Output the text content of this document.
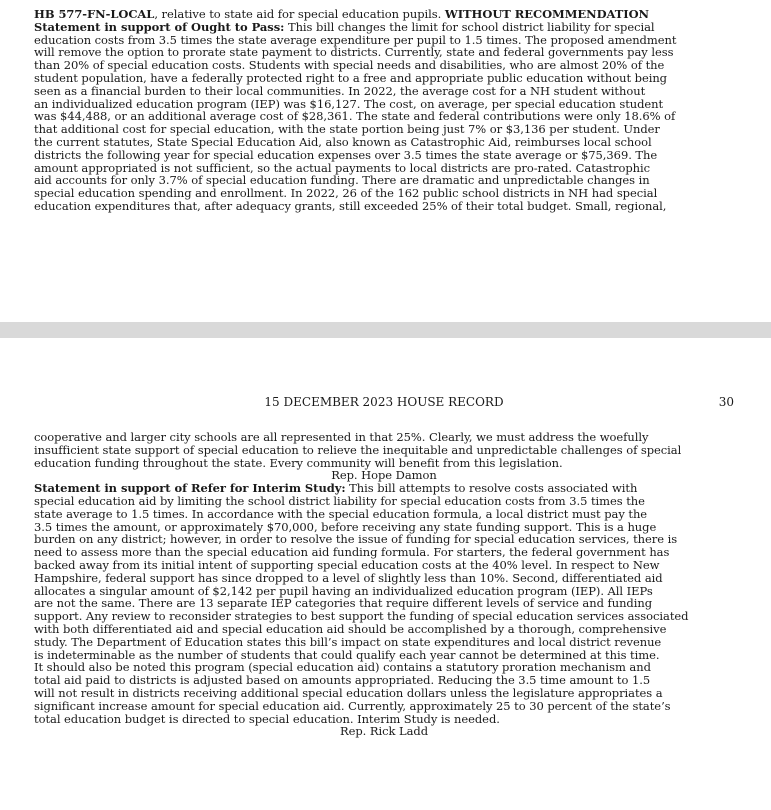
HB 577-FN-LOCAL, relative to state aid for special education pupils. WITHOUT RECOMMENDATION
Statement in support of Ought to Pass: This bill changes the limit for school district liability for special
education costs from 3.5 times the state average expenditure per pupil to 1.5 times. The proposed amendment
will remove the option to prorate state payment to districts. Currently, state and federal governments pay less
than 20% of special education costs. Students with special needs and disabilities, who are almost 20% of the
student population, have a federally protected right to a free and appropriate public education without being
seen as a financial burden to their local communities. In 2022, the average cost for a NH student without
an individualized education program (IEP) was $16,127. The cost, on average, per special education student
was $44,488, or an additional average cost of $28,361. The state and federal contributions were only 18.6% of
that additional cost for special education, with the state portion being just 7% or $3,136 per student. Under
the current statutes, State Special Education Aid, also known as Catastrophic Aid, reimburses local school
districts the following year for special education expenses over 3.5 times the state average or $75,369. The
amount appropriated is not sufficient, so the actual payments to local districts are pro-rated. Catastrophic
aid accounts for only 3.7% of special education funding. There are dramatic and unpredictable changes in
special education spending and enrollment. In 2022, 26 of the 162 public school districts in NH had special
education expenditures that, after adequacy grants, still exceeded 25% of their total budget. Small, regional,
15 DECEMBER 2023 HOUSE RECORD	30
cooperative and larger city schools are all represented in that 25%. Clearly, we must address the woefully
insufficient state support of special education to relieve the inequitable and unpredictable challenges of special
education funding throughout the state. Every community will benefit from this legislation.
Rep. Hope Damon
Statement in support of Refer for Interim Study: This bill attempts to resolve costs associated with
special education aid by limiting the school district liability for special education costs from 3.5 times the
state average to 1.5 times. In accordance with the special education formula, a local district must pay the
3.5 times the amount, or approximately $70,000, before receiving any state funding support. This is a huge
burden on any district; however, in order to resolve the issue of funding for special education services, there is
need to assess more than the special education aid funding formula. For starters, the federal government has
backed away from its initial intent of supporting special education costs at the 40% level. In respect to New
Hampshire, federal support has since dropped to a level of slightly less than 10%. Second, differentiated aid
allocates a singular amount of $2,142 per pupil having an individualized education program (IEP). All IEPs
are not the same. There are 13 separate IEP categories that require different levels of service and funding
support. Any review to reconsider strategies to best support the funding of special education services associated
with both differentiated aid and special education aid should be accomplished by a thorough, comprehensive
study. The Department of Education states this bill’s impact on state expenditures and local district revenue
is indeterminable as the number of students that could qualify each year cannot be determined at this time.
It should also be noted this program (special education aid) contains a statutory proration mechanism and
total aid paid to districts is adjusted based on amounts appropriated. Reducing the 3.5 time amount to 1.5
will not result in districts receiving additional special education dollars unless the legislature appropriates a
significant increase amount for special education aid. Currently, approximately 25 to 30 percent of the state’s
total education budget is directed to special education. Interim Study is needed.
Rep. Rick Ladd
